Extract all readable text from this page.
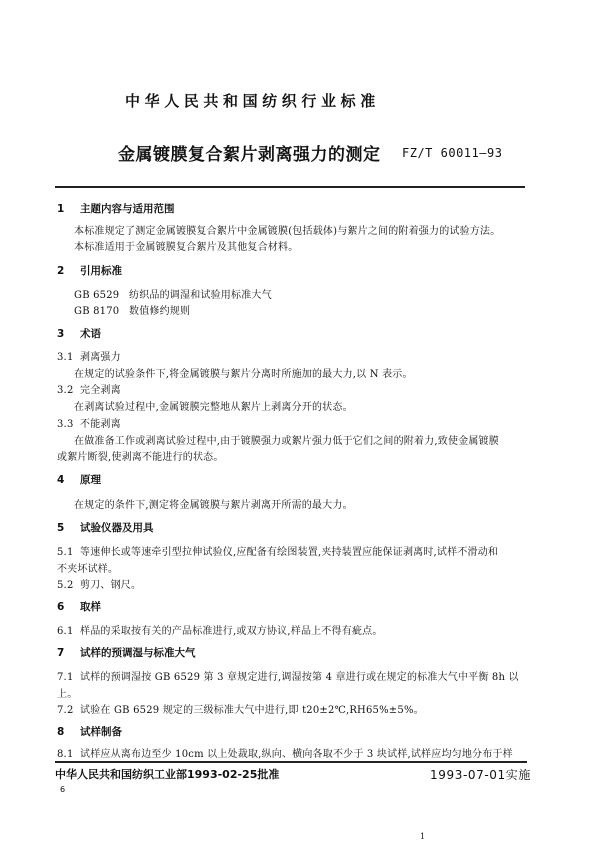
中华人民共和国纺织行业标准
FZ/T 60011—93
金属镀膜复合絮片剥离强力的测定
1 主题内容与适用范围
本标准规定了测定金属镀膜复合絮片中金属镀膜(包括载体)与絮片之间的附着强力的试验方法。
本标准适用于金属镀膜复合絮片及其他复合材料。
2 引用标准
GB 6529 纺织品的调湿和试验用标准大气
GB 8170 数值修约规则
3 术语
3.1 剥离强力
在规定的试验条件下,将金属镀膜与絮片分离时所施加的最大力,以 N 表示。
3.2 完全剥离
在剥离试验过程中,金属镀膜完整地从絮片上剥离分开的状态。
3.3 不能剥离
在做准备工作或剥离试验过程中,由于镀膜强力或絮片强力低于它们之间的附着力,致使金属镀膜
或絮片断裂,使剥离不能进行的状态。
4 原理
在规定的条件下,测定将金属镀膜与絮片剥离开所需的最大力。
5 试验仪器及用具
5.1 等速伸长或等速牵引型拉伸试验仪,应配备有绘图装置,夹持装置应能保证剥离时,试样不滑动和
不夹坏试样。
5.2 剪刀、钢尺。
6 取样
6.1 样品的采取按有关的产品标准进行,或双方协议,样品上不得有疵点。
7 试样的预调湿与标准大气
7.1 试样的预调湿按 GB 6529 第 3 章规定进行,调湿按第 4 章进行或在规定的标准大气中平衡 8h 以
上。
7.2 试验在 GB 6529 规定的三级标准大气中进行,即 t20±2℃,RH65%±5%。
8 试样制备
8.1 试样应从离布边至少 10cm 以上处裁取,纵向、横向各取不少于 3 块试样,试样应均匀地分布于样
中华人民共和国纺织工业部1993-02-25批准	1993-07-01实施
6
1
